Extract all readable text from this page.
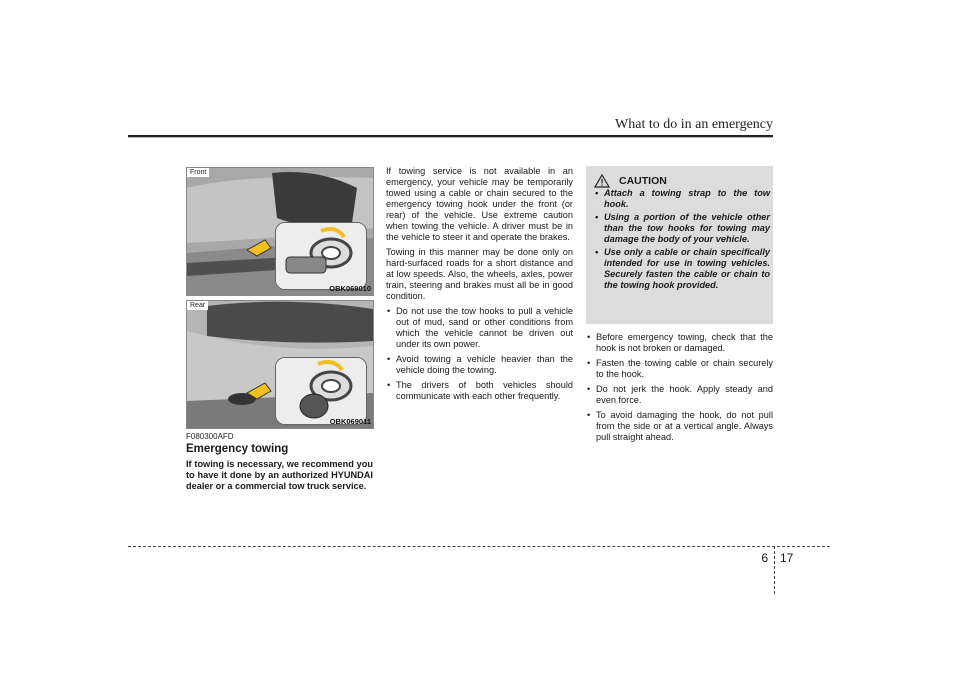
What to do in an emergency
Front
OBK069010
Rear
OBK069011
F080300AFD
Emergency towing
If towing is necessary, we recommend you to have it done by an authorized HYUNDAI dealer or a commercial tow truck service.

If towing service is not available in an emergency, your vehicle may be temporarily towed using a cable or chain secured to the emergency towing hook under the front (or rear) of the vehicle. Use extreme caution when towing the vehicle. A driver must be in the vehicle to steer it and operate the brakes.

Towing in this manner may be done only on hard-surfaced roads for a short distance and at low speeds. Also, the wheels, axles, power train, steering and brakes must all be in good condition.

• Do not use the tow hooks to pull a vehicle out of mud, sand or other conditions from which the vehicle cannot be driven out under its own power.
• Avoid towing a vehicle heavier than the vehicle doing the towing.
• The drivers of both vehicles should communicate with each other frequently.
CAUTION
• Attach a towing strap to the tow hook.
• Using a portion of the vehicle other than the tow hooks for towing may damage the body of your vehicle.
• Use only a cable or chain specifically intended for use in towing vehicles. Securely fasten the cable or chain to the towing hook provided.
• Before emergency towing, check that the hook is not broken or damaged.
• Fasten the towing cable or chain securely to the hook.
• Do not jerk the hook. Apply steady and even force.
• To avoid damaging the hook, do not pull from the side or at a vertical angle. Always pull straight ahead.
6 17
